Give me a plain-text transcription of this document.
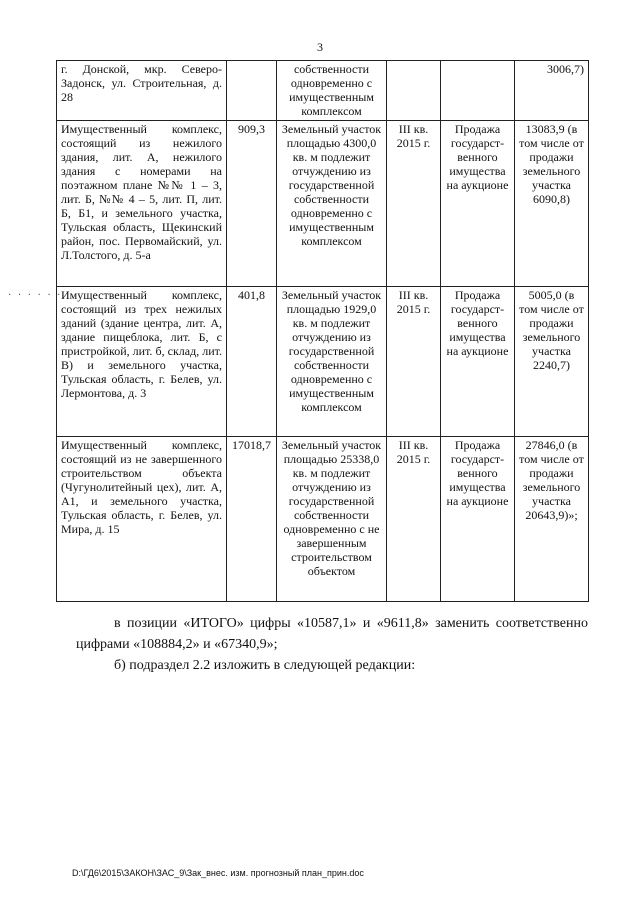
3
· · · · · ·
г. Донской, мкр. Северо-Задонск, ул. Строительная, д. 28		собственности одновременно с имущественным комплексом			3006,7)
Имущественный комплекс, состоящий из нежилого здания, лит. А, нежилого здания с номерами на поэтажном плане №№ 1 – 3, лит. Б, №№ 4 – 5, лит. П, лит. Б, Б1, и земельного участка, Тульская область, Щекинский район, пос. Первомайский, ул. Л.Толстого, д. 5-а	909,3	Земельный участок площадью 4300,0 кв. м подлежит отчуждению из государственной собственности одновременно с имущественным комплексом	III кв. 2015 г.	Продажа государст-венного имущества на аукционе	13083,9 (в том числе от продажи земельного участка 6090,8)
Имущественный комплекс, состоящий из трех нежилых зданий (здание центра, лит. А, здание пищеблока, лит. Б, с пристройкой, лит. б, склад, лит. В) и земельного участка, Тульская область, г. Белев, ул. Лермонтова, д. 3	401,8	Земельный участок площадью 1929,0 кв. м подлежит отчуждению из государственной собственности одновременно с имущественным комплексом	III кв. 2015 г.	Продажа государст-венного имущества на аукционе	5005,0 (в том числе от продажи земельного участка 2240,7)
Имущественный комплекс, состоящий из не завершенного строительством объекта (Чугунолитейный цех), лит. А, А1, и земельного участка, Тульская область, г. Белев, ул. Мира, д. 15	17018,7	Земельный участок площадью 25338,0 кв. м подлежит отчуждению из государственной собственности одновременно с не завершенным строительством объектом	III кв. 2015 г.	Продажа государст-венного имущества на аукционе	27846,0 (в том числе от продажи земельного участка 20643,9)»;
в позиции «ИТОГО» цифры «10587,1» и «9611,8» заменить соответственно цифрами «108884,2» и «67340,9»;
б) подраздел 2.2 изложить в следующей редакции:
D:\ГД6\2015\ЗАКОН\ЗАС_9\Зак_внес. изм. прогнозный план_прин.doc
